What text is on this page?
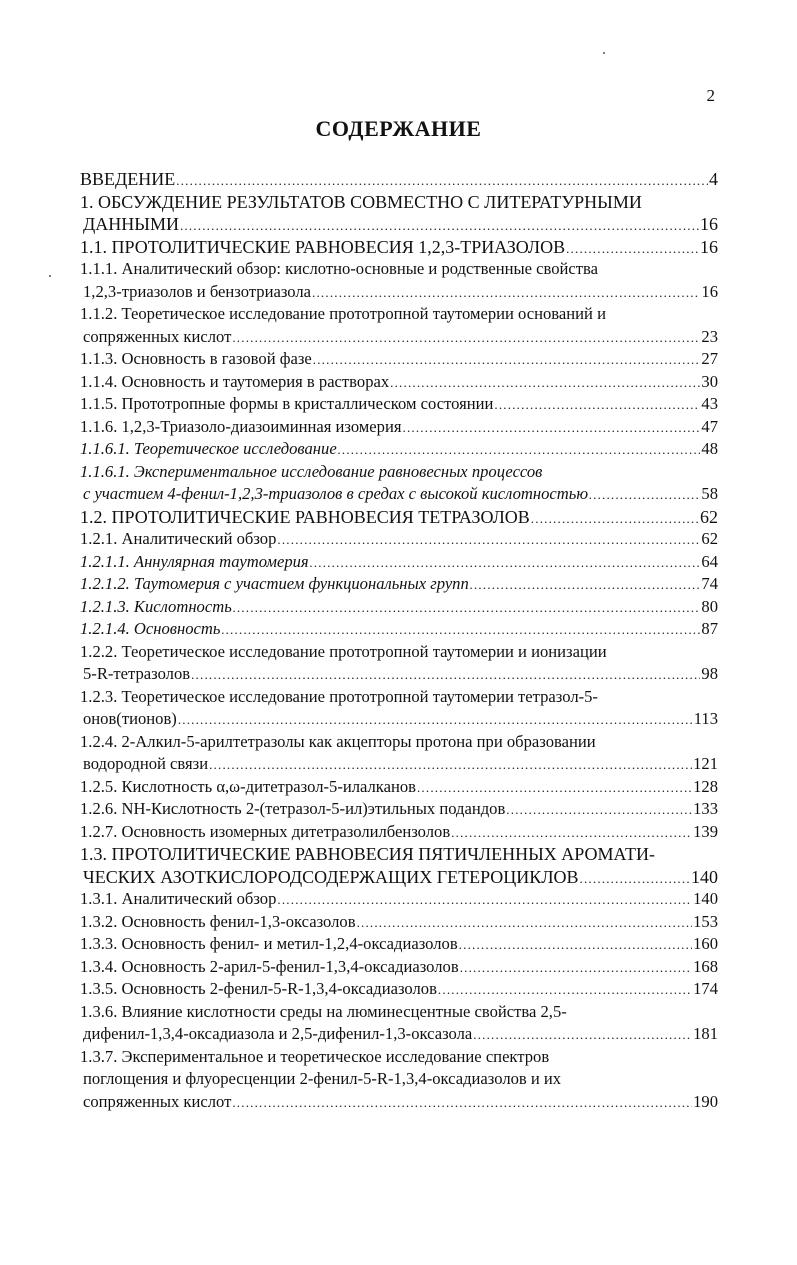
2
СОДЕРЖАНИЕ
ВВЕДЕНИЕ .....	4
1. ОБСУЖДЕНИЕ РЕЗУЛЬТАТОВ СОВМЕСТНО С ЛИТЕРАТУРНЫМИ
ДАННЫМИ .....	16
1.1. ПРОТОЛИТИЧЕСКИЕ РАВНОВЕСИЯ 1,2,3-ТРИАЗОЛОВ .....	16
1.1.1. Аналитический обзор: кислотно-основные и родственные свойства
1,2,3-триазолов и бензотриазола .....	16
1.1.2. Теоретическое исследование прототропной таутомерии оснований и
сопряженных кислот .....	23
1.1.3. Основность в газовой фазе .....	27
1.1.4. Основность и таутомерия в растворах .....	30
1.1.5. Прототропные формы в кристаллическом состоянии .....	43
1.1.6. 1,2,3-Триазоло-диазоиминная изомерия .....	47
1.1.6.1. Теоретическое исследование .....	48
1.1.6.1. Экспериментальное исследование равновесных процессов
с участием 4-фенил-1,2,3-триазолов в средах с высокой кислотностью .....	58
1.2. ПРОТОЛИТИЧЕСКИЕ РАВНОВЕСИЯ ТЕТРАЗОЛОВ .....	62
1.2.1. Аналитический обзор .....	62
1.2.1.1. Аннулярная таутомерия .....	64
1.2.1.2. Таутомерия с участием функциональных групп .....	74
1.2.1.3. Кислотность .....	80
1.2.1.4. Основность .....	87
1.2.2. Теоретическое исследование прототропной таутомерии и ионизации
5-R-тетразолов .....	98
1.2.3. Теоретическое исследование прототропной таутомерии тетразол-5-
онов(тионов) .....	113
1.2.4. 2-Алкил-5-арилтетразолы как акцепторы протона при образовании
водородной связи .....	121
1.2.5. Кислотность α,ω-дитетразол-5-илалканов .....	128
1.2.6. NH-Кислотность 2-(тетразол-5-ил)этильных подандов .....	133
1.2.7. Основность изомерных дитетразолилбензолов .....	139
1.3. ПРОТОЛИТИЧЕСКИЕ РАВНОВЕСИЯ ПЯТИЧЛЕННЫХ АРОМАТИ-
ЧЕСКИХ АЗОТКИСЛОРОДСОДЕРЖАЩИХ ГЕТЕРОЦИКЛОВ .....	140
1.3.1. Аналитический обзор .....	140
1.3.2. Основность фенил-1,3-оксазолов .....	153
1.3.3. Основность фенил- и метил-1,2,4-оксадиазолов .....	160
1.3.4. Основность 2-арил-5-фенил-1,3,4-оксадиазолов .....	168
1.3.5. Основность 2-фенил-5-R-1,3,4-оксадиазолов .....	174
1.3.6. Влияние кислотности среды на люминесцентные свойства 2,5-
дифенил-1,3,4-оксадиазола и 2,5-дифенил-1,3-оксазола .....	181
1.3.7. Экспериментальное и теоретическое исследование спектров
поглощения и флуоресценции 2-фенил-5-R-1,3,4-оксадиазолов и их
сопряженных кислот .....	190
